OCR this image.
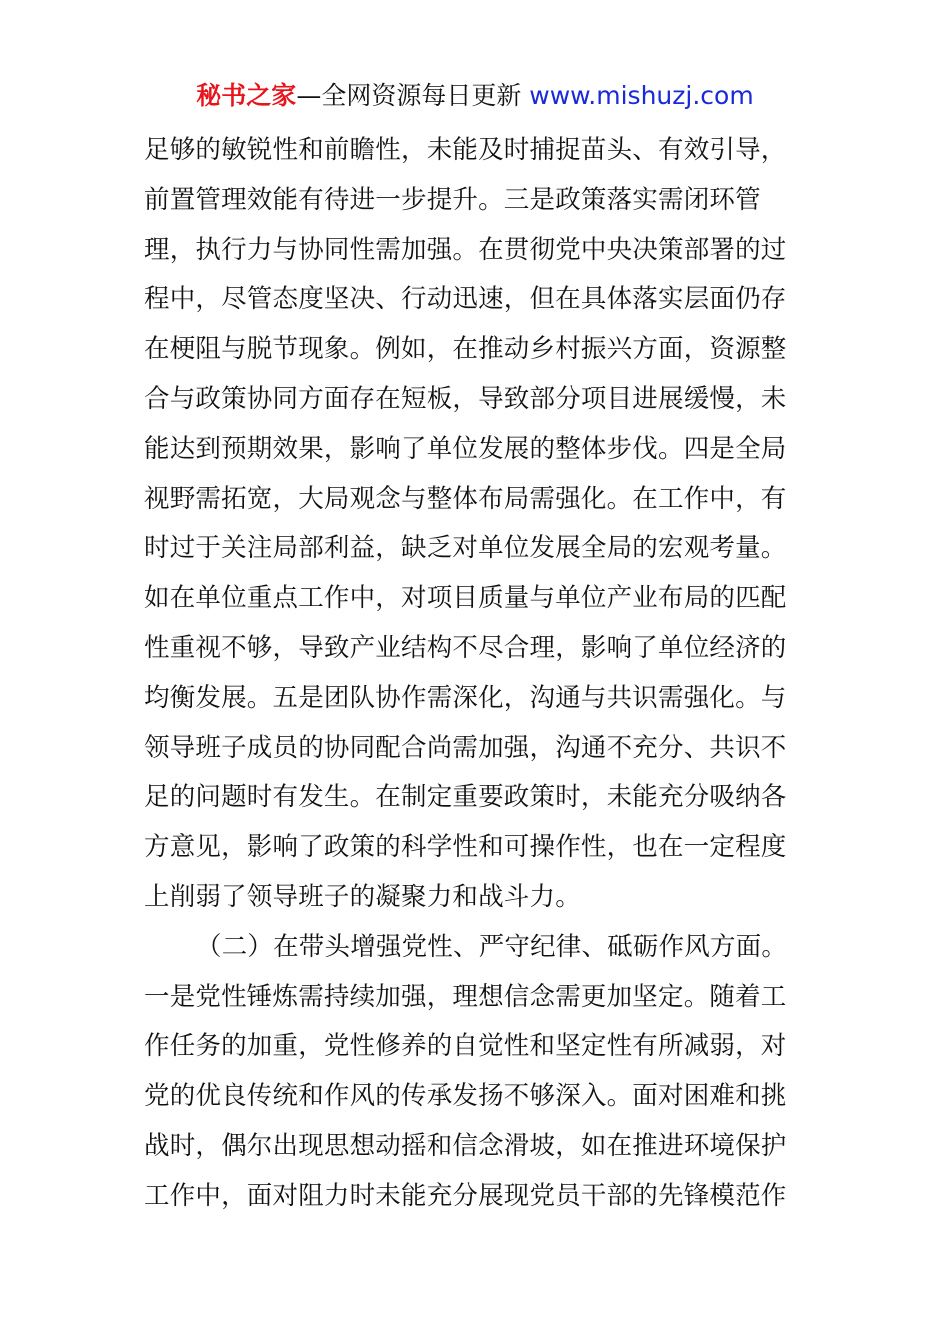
秘书之家—全网资源每日更新 www.mishuzj.com
足够的敏锐性和前瞻性，未能及时捕捉苗头、有效引导，
前置管理效能有待进一步提升。三是政策落实需闭环管
理，执行力与协同性需加强。在贯彻党中央决策部署的过
程中，尽管态度坚决、行动迅速，但在具体落实层面仍存
在梗阻与脱节现象。例如，在推动乡村振兴方面，资源整
合与政策协同方面存在短板，导致部分项目进展缓慢，未
能达到预期效果，影响了单位发展的整体步伐。四是全局
视野需拓宽，大局观念与整体布局需强化。在工作中，有
时过于关注局部利益，缺乏对单位发展全局的宏观考量。
如在单位重点工作中，对项目质量与单位产业布局的匹配
性重视不够，导致产业结构不尽合理，影响了单位经济的
均衡发展。五是团队协作需深化，沟通与共识需强化。与
领导班子成员的协同配合尚需加强，沟通不充分、共识不
足的问题时有发生。在制定重要政策时，未能充分吸纳各
方意见，影响了政策的科学性和可操作性，也在一定程度
上削弱了领导班子的凝聚力和战斗力。
（二）在带头增强党性、严守纪律、砥砺作风方面。
一是党性锤炼需持续加强，理想信念需更加坚定。随着工
作任务的加重，党性修养的自觉性和坚定性有所减弱，对
党的优良传统和作风的传承发扬不够深入。面对困难和挑
战时，偶尔出现思想动摇和信念滑坡，如在推进环境保护
工作中，面对阻力时未能充分展现党员干部的先锋模范作
